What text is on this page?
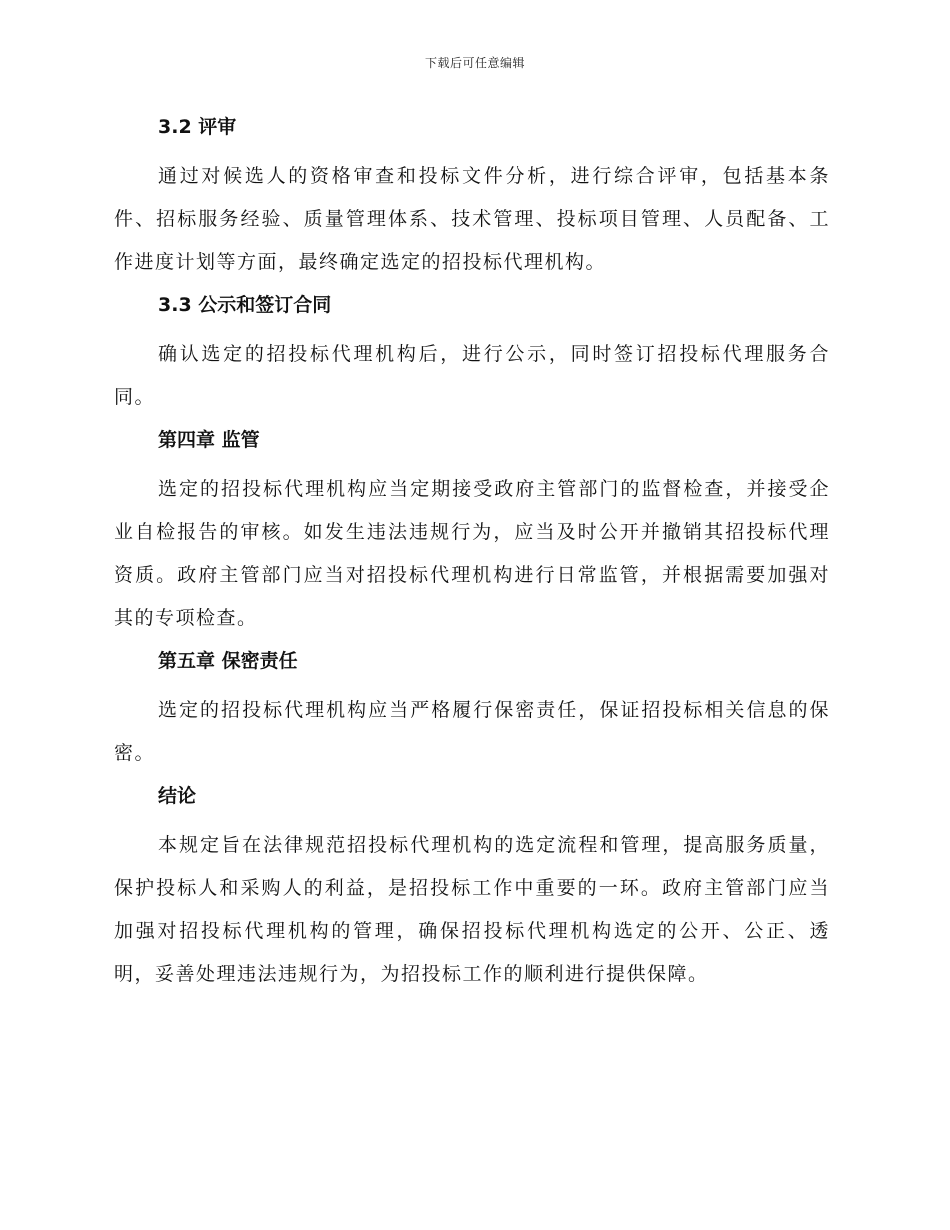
下载后可任意编辑
3.2 评审

通过对候选人的资格审查和投标文件分析，进行综合评审，包括基本条件、招标服务经验、质量管理体系、技术管理、投标项目管理、人员配备、工作进度计划等方面，最终确定选定的招投标代理机构。

3.3 公示和签订合同

确认选定的招投标代理机构后，进行公示，同时签订招投标代理服务合同。

第四章 监管

选定的招投标代理机构应当定期接受政府主管部门的监督检查，并接受企业自检报告的审核。如发生违法违规行为，应当及时公开并撤销其招投标代理资质。政府主管部门应当对招投标代理机构进行日常监管，并根据需要加强对其的专项检查。

第五章 保密责任

选定的招投标代理机构应当严格履行保密责任，保证招投标相关信息的保密。

结论

本规定旨在法律规范招投标代理机构的选定流程和管理，提高服务质量，保护投标人和采购人的利益，是招投标工作中重要的一环。政府主管部门应当加强对招投标代理机构的管理，确保招投标代理机构选定的公开、公正、透明，妥善处理违法违规行为，为招投标工作的顺利进行提供保障。
